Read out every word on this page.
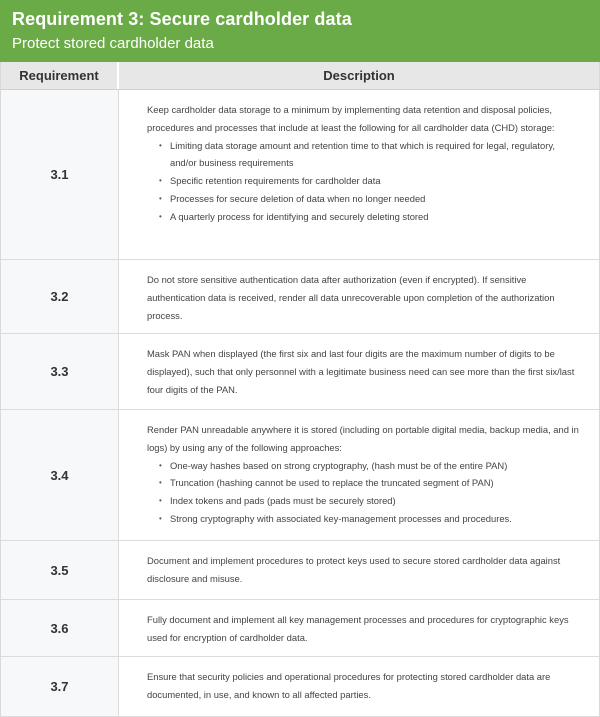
Requirement 3: Secure cardholder data
Protect stored cardholder data
Requirement	Description
3.1
Keep cardholder data storage to a minimum by implementing data retention and disposal policies, procedures and processes that include at least the following for all cardholder data (CHD) storage:
• Limiting data storage amount and retention time to that which is required for legal, regulatory, and/or business requirements
• Specific retention requirements for cardholder data
• Processes for secure deletion of data when no longer needed
• A quarterly process for identifying and securely deleting stored
3.2
Do not store sensitive authentication data after authorization (even if encrypted). If sensitive authentication data is received, render all data unrecoverable upon completion of the authorization process.
3.3
Mask PAN when displayed (the first six and last four digits are the maximum number of digits to be displayed), such that only personnel with a legitimate business need can see more than the first six/last four digits of the PAN.
3.4
Render PAN unreadable anywhere it is stored (including on portable digital media, backup media, and in logs) by using any of the following approaches:
• One-way hashes based on strong cryptography, (hash must be of the entire PAN)
• Truncation (hashing cannot be used to replace the truncated segment of PAN)
• Index tokens and pads (pads must be securely stored)
• Strong cryptography with associated key-management processes and procedures.
3.5
Document and implement procedures to protect keys used to secure stored cardholder data against disclosure and misuse.
3.6
Fully document and implement all key management processes and procedures for cryptographic keys used for encryption of cardholder data.
3.7
Ensure that security policies and operational procedures for protecting stored cardholder data are documented, in use, and known to all affected parties.
